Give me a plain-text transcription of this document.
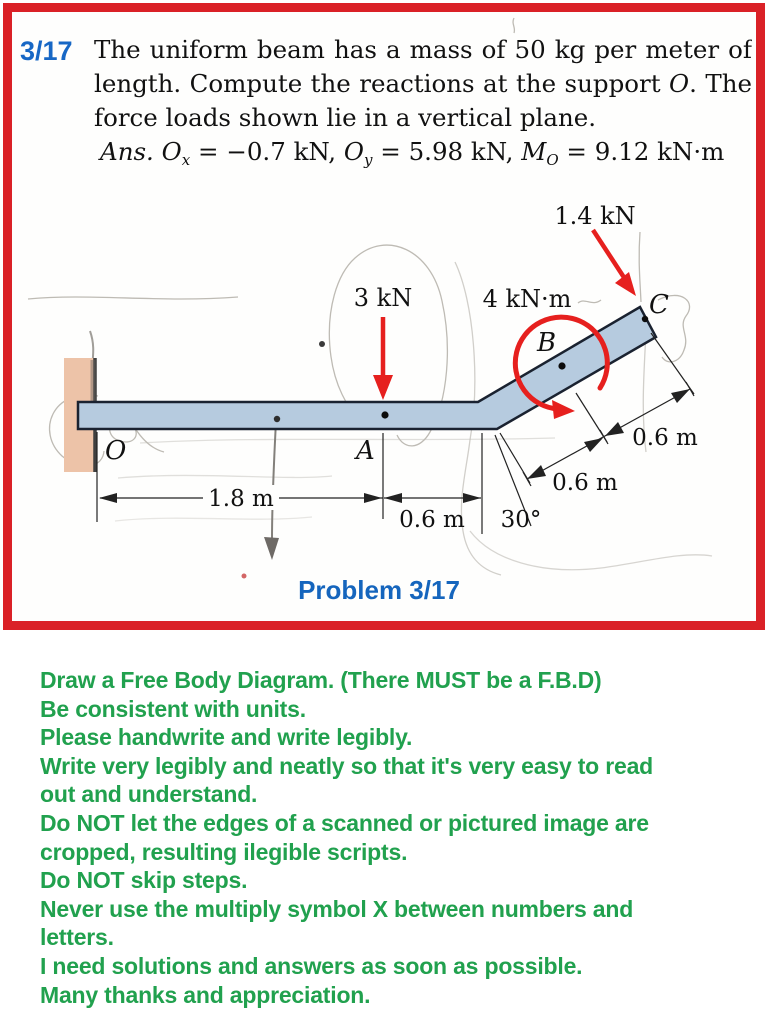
3/17 The uniform beam has a mass of 50 kg per meter of
length. Compute the reactions at the support O. The
force loads shown lie in a vertical plane.
Ans. $O_x = -0.7$ kN, $O_y = 5.98$ kN, $M_O = 9.12$ kN·m
3 kN	4 kN·m
1.4 kN
O	A
B
C
1.8 m
0.6 m 30°
0.6 m
0.6 m
Problem 3/17
Draw a Free Body Diagram. (There MUST be a F.B.D)
Be consistent with units.
Please handwrite and write legibly.
Write very legibly and neatly so that it's very easy to read
out and understand.
Do NOT let the edges of a scanned or pictured image are
cropped, resulting ilegible scripts.
Do NOT skip steps.
Never use the multiply symbol X between numbers and
letters.
I need solutions and answers as soon as possible.
Many thanks and appreciation.
